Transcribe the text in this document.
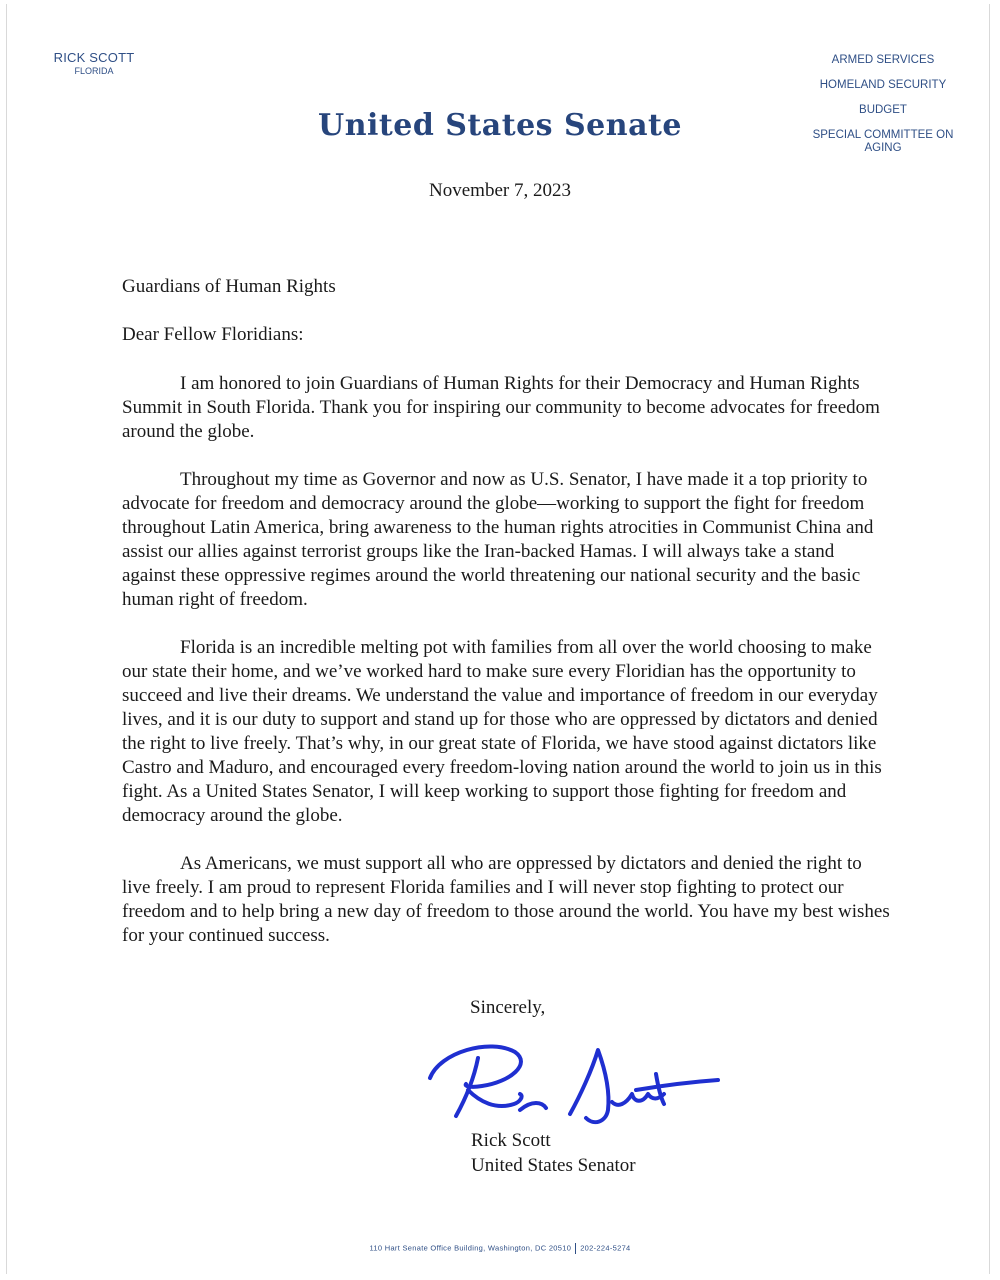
RICK SCOTT
FLORIDA
United States Senate
ARMED SERVICES
HOMELAND SECURITY
BUDGET
SPECIAL COMMITTEE ON AGING
November 7, 2023
Guardians of Human Rights
Dear Fellow Floridians:

I am honored to join Guardians of Human Rights for their Democracy and Human Rights Summit in South Florida. Thank you for inspiring our community to become advocates for freedom around the globe.

Throughout my time as Governor and now as U.S. Senator, I have made it a top priority to advocate for freedom and democracy around the globe—working to support the fight for freedom throughout Latin America, bring awareness to the human rights atrocities in Communist China and assist our allies against terrorist groups like the Iran-backed Hamas. I will always take a stand against these oppressive regimes around the world threatening our national security and the basic human right of freedom.

Florida is an incredible melting pot with families from all over the world choosing to make our state their home, and we’ve worked hard to make sure every Floridian has the opportunity to succeed and live their dreams. We understand the value and importance of freedom in our everyday lives, and it is our duty to support and stand up for those who are oppressed by dictators and denied the right to live freely. That’s why, in our great state of Florida, we have stood against dictators like Castro and Maduro, and encouraged every freedom-loving nation around the world to join us in this fight. As a United States Senator, I will keep working to support those fighting for freedom and democracy around the globe.

As Americans, we must support all who are oppressed by dictators and denied the right to live freely. I am proud to represent Florida families and I will never stop fighting to protect our freedom and to help bring a new day of freedom to those around the world. You have my best wishes for your continued success.

Sincerely,
Rick Scott
United States Senator
110 Hart Senate Office Building, Washington, DC 20510 202-224-5274
